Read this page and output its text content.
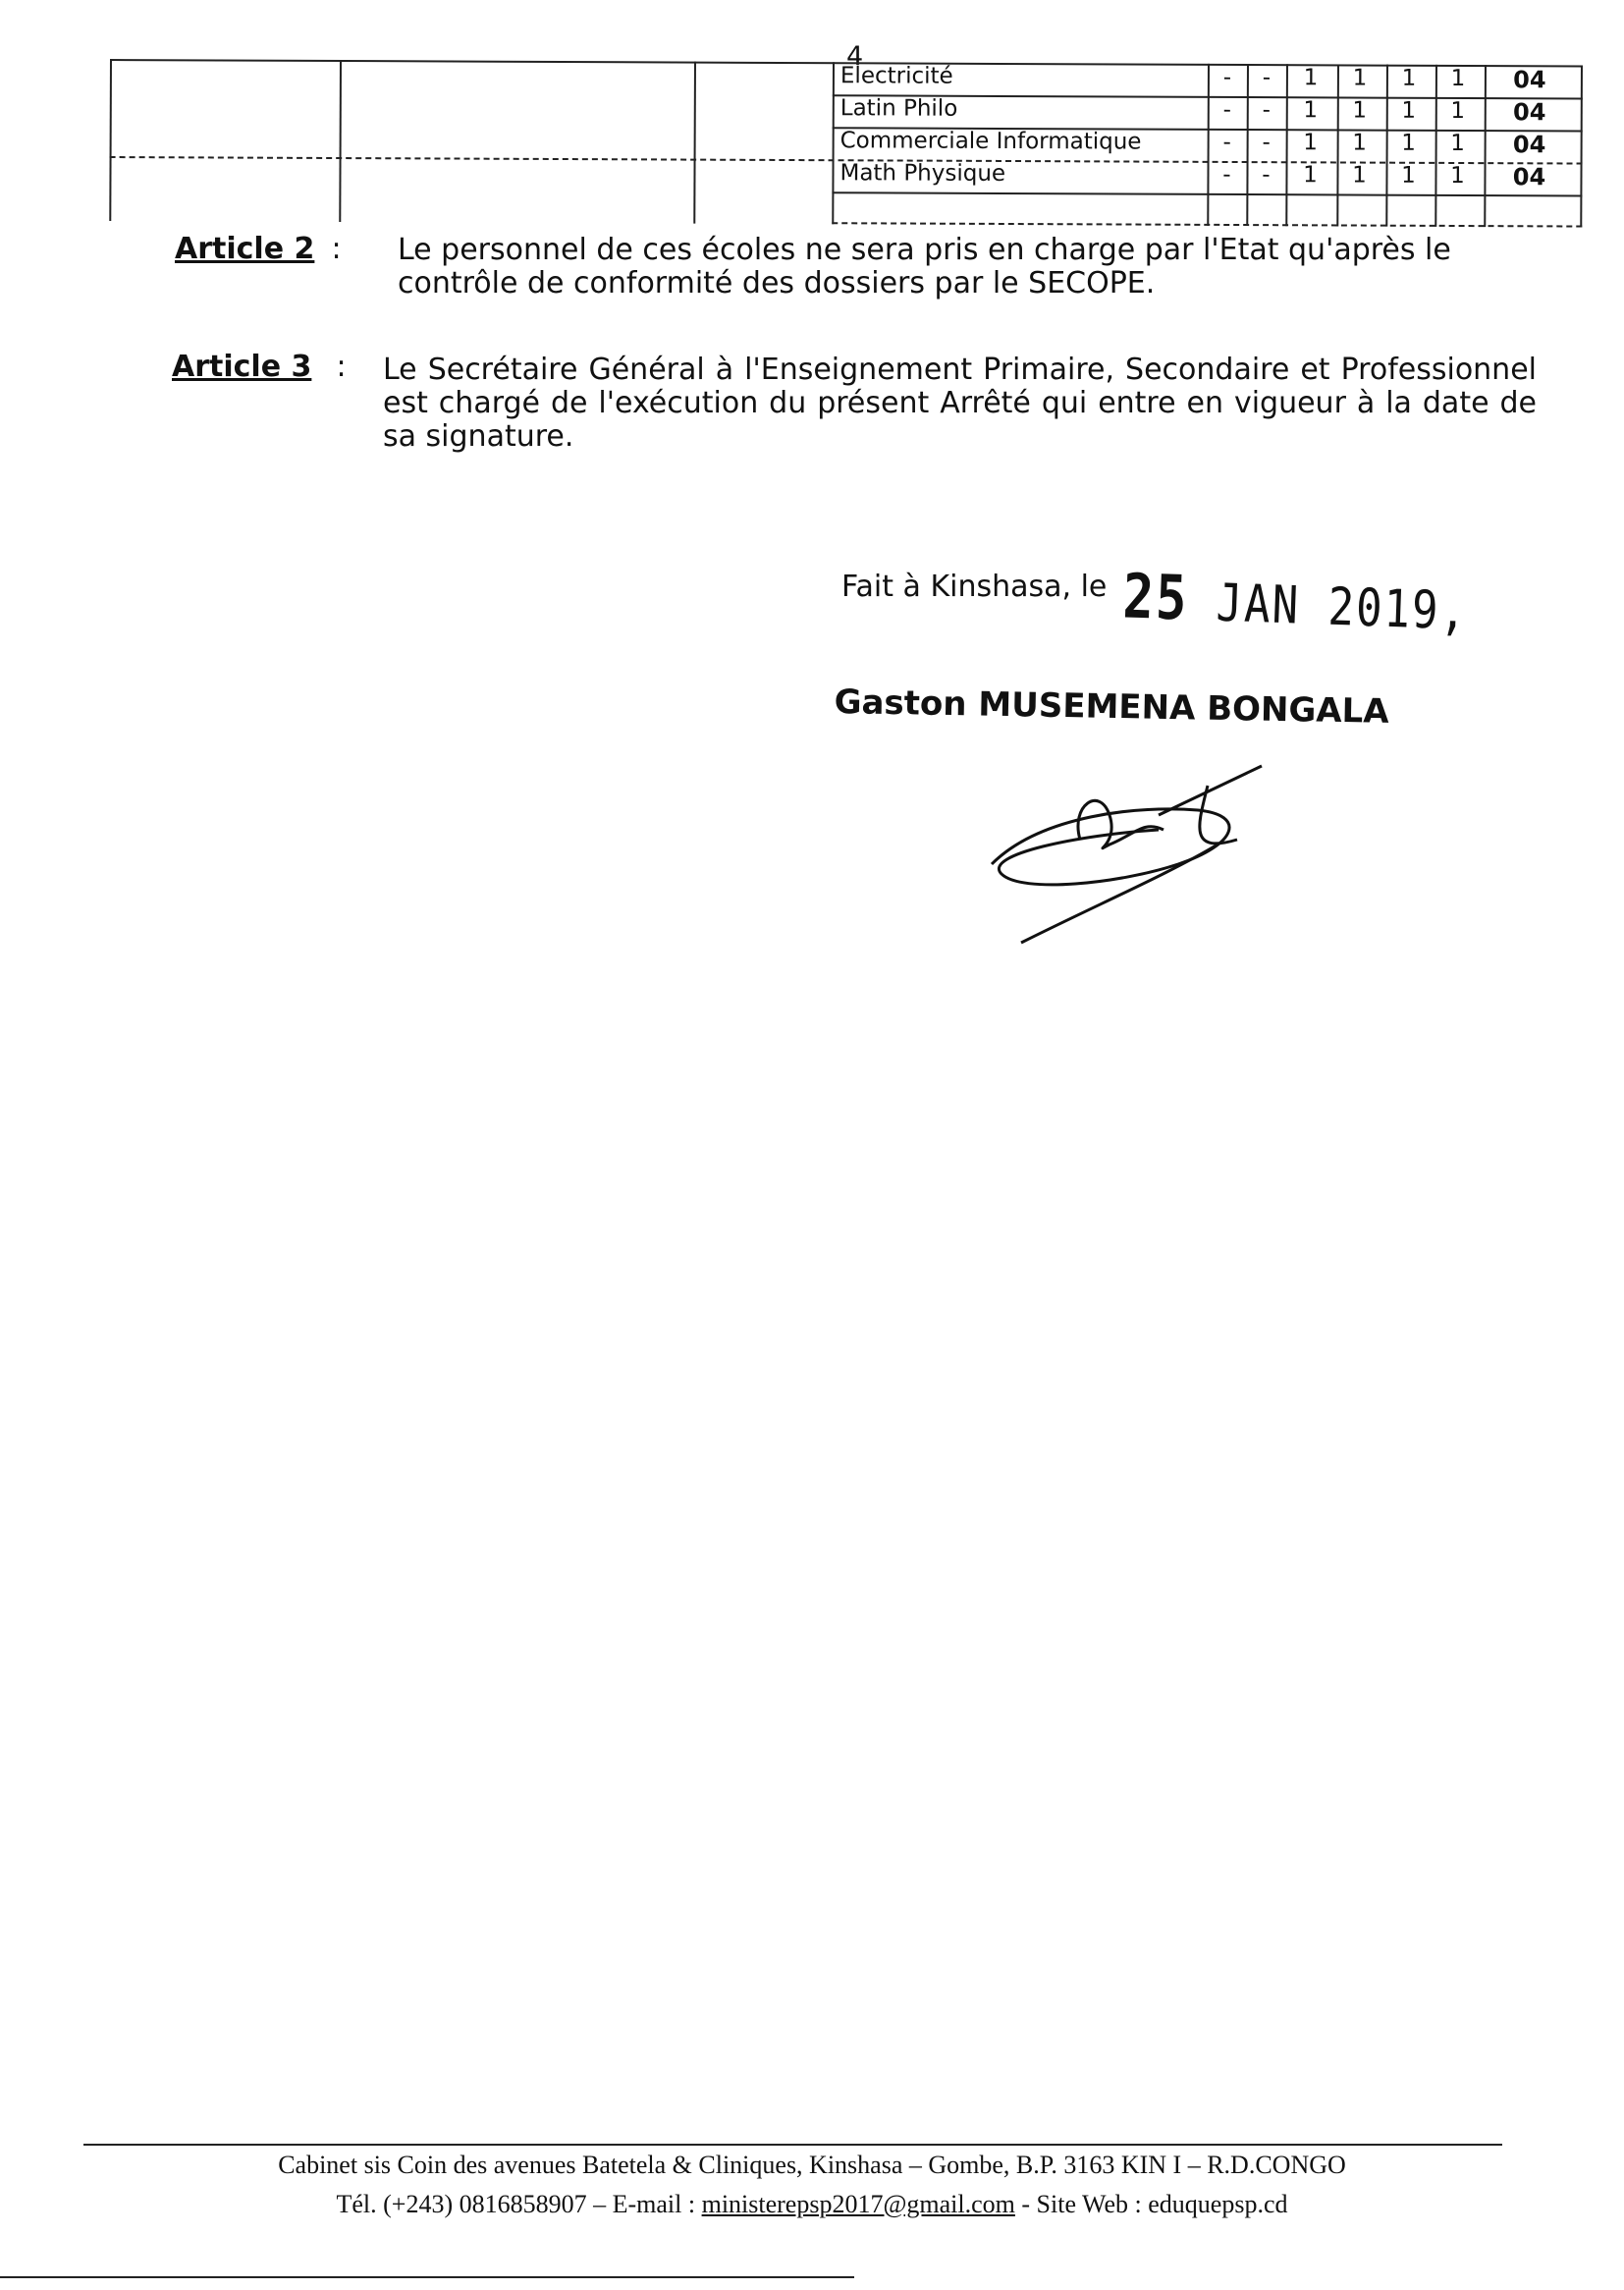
4
Electricité	-	-	1	1	1	1	04
Latin Philo	-	-	1	1	1	1	04
Commerciale Informatique	-	-	1	1	1	1	04
Math Physique	-	-	1	1	1	1	04
Article 2 : Le personnel de ces écoles ne sera pris en charge par l'Etat qu'après le contrôle de conformité des dossiers par le SECOPE.
Article 3 : Le Secrétaire Général à l'Enseignement Primaire, Secondaire et Professionnel est chargé de l'exécution du présent Arrêté qui entre en vigueur à la date de sa signature.
Fait à Kinshasa, le 25 JAN 2019,
Gaston MUSEMENA BONGALA
Cabinet sis Coin des avenues Batetela & Cliniques, Kinshasa – Gombe, B.P. 3163 KIN I – R.D.CONGO
Tél. (+243) 0816858907 – E-mail : ministerepsp2017@gmail.com - Site Web : eduquepsp.cd
